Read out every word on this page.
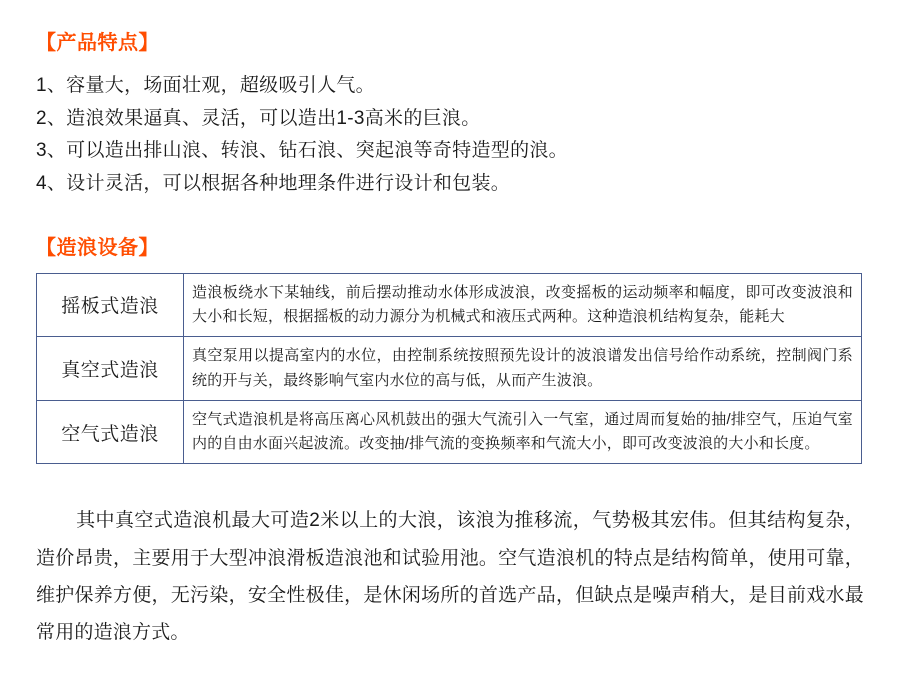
【产品特点】
1、容量大，场面壮观，超级吸引人气。
2、造浪效果逼真、灵活，可以造出1-3高米的巨浪。
3、可以造出排山浪、转浪、钻石浪、突起浪等奇特造型的浪。
4、设计灵活，可以根据各种地理条件进行设计和包装。
【造浪设备】
摇板式造浪	造浪板绕水下某轴线，前后摆动推动水体形成波浪，改变摇板的运动频率和幅度，即可改变波浪和大小和长短，根据摇板的动力源分为机械式和液压式两种。这种造浪机结构复杂，能耗大
真空式造浪	真空泵用以提高室内的水位，由控制系统按照预先设计的波浪谱发出信号给作动系统，控制阀门系统的开与关，最终影响气室内水位的高与低，从而产生波浪。
空气式造浪	空气式造浪机是将高压离心风机鼓出的强大气流引入一气室，通过周而复始的抽/排空气，压迫气室内的自由水面兴起波流。改变抽/排气流的变换频率和气流大小，即可改变波浪的大小和长度。
其中真空式造浪机最大可造2米以上的大浪，该浪为推移流，气势极其宏伟。但其结构复杂，造价昂贵，主要用于大型冲浪滑板造浪池和试验用池。空气造浪机的特点是结构简单，使用可靠，维护保养方便，无污染，安全性极佳，是休闲场所的首选产品，但缺点是噪声稍大，是目前戏水最常用的造浪方式。
